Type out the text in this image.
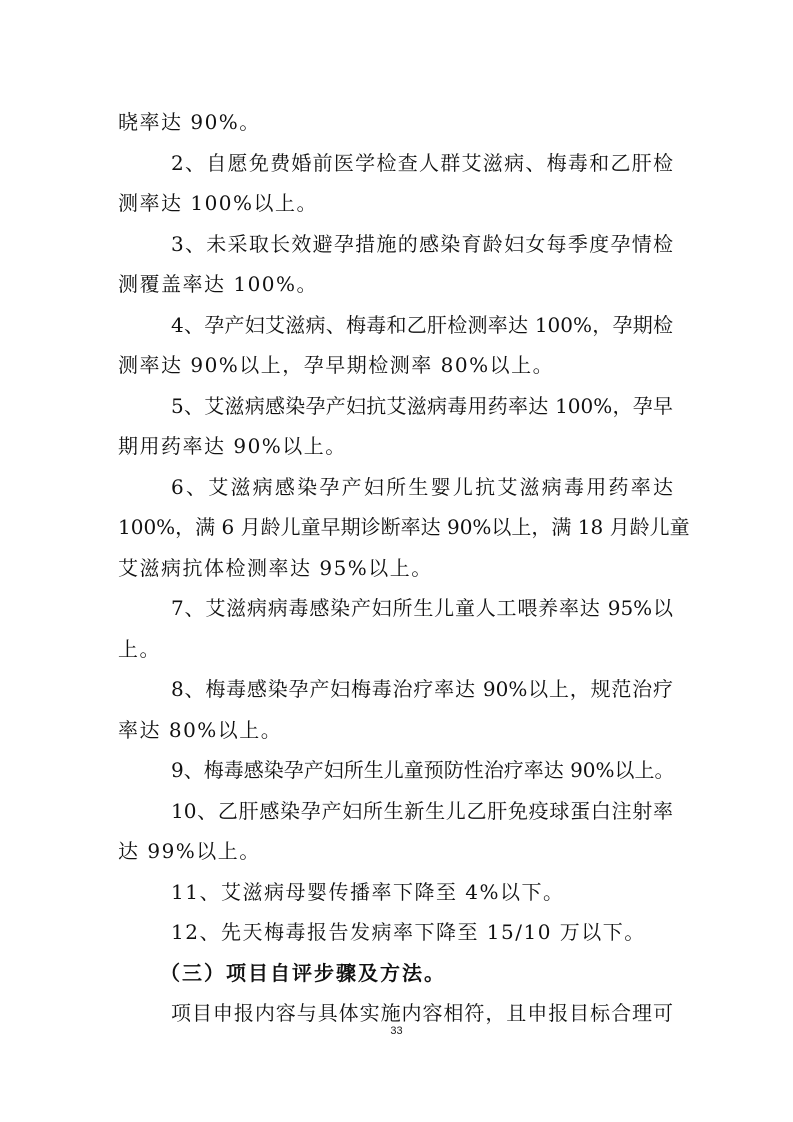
晓率达 90%。
2、自愿免费婚前医学检查人群艾滋病、梅毒和乙肝检
测率达 100%以上。
3、未采取长效避孕措施的感染育龄妇女每季度孕情检
测覆盖率达 100%。
4、孕产妇艾滋病、梅毒和乙肝检测率达 100%，孕期检
测率达 90%以上，孕早期检测率 80%以上。
5、艾滋病感染孕产妇抗艾滋病毒用药率达 100%，孕早
期用药率达 90%以上。
6、艾滋病感染孕产妇所生婴儿抗艾滋病毒用药率达
100%，满 6 月龄儿童早期诊断率达 90%以上，满 18 月龄儿童
艾滋病抗体检测率达 95%以上。
7、艾滋病病毒感染产妇所生儿童人工喂养率达 95%以
上。
8、梅毒感染孕产妇梅毒治疗率达 90%以上，规范治疗
率达 80%以上。
9、梅毒感染孕产妇所生儿童预防性治疗率达 90%以上。
10、乙肝感染孕产妇所生新生儿乙肝免疫球蛋白注射率
达 99%以上。
11、艾滋病母婴传播率下降至 4%以下。
12、先天梅毒报告发病率下降至 15/10 万以下。
（三）项目自评步骤及方法。
项目申报内容与具体实施内容相符，且申报目标合理可
33
